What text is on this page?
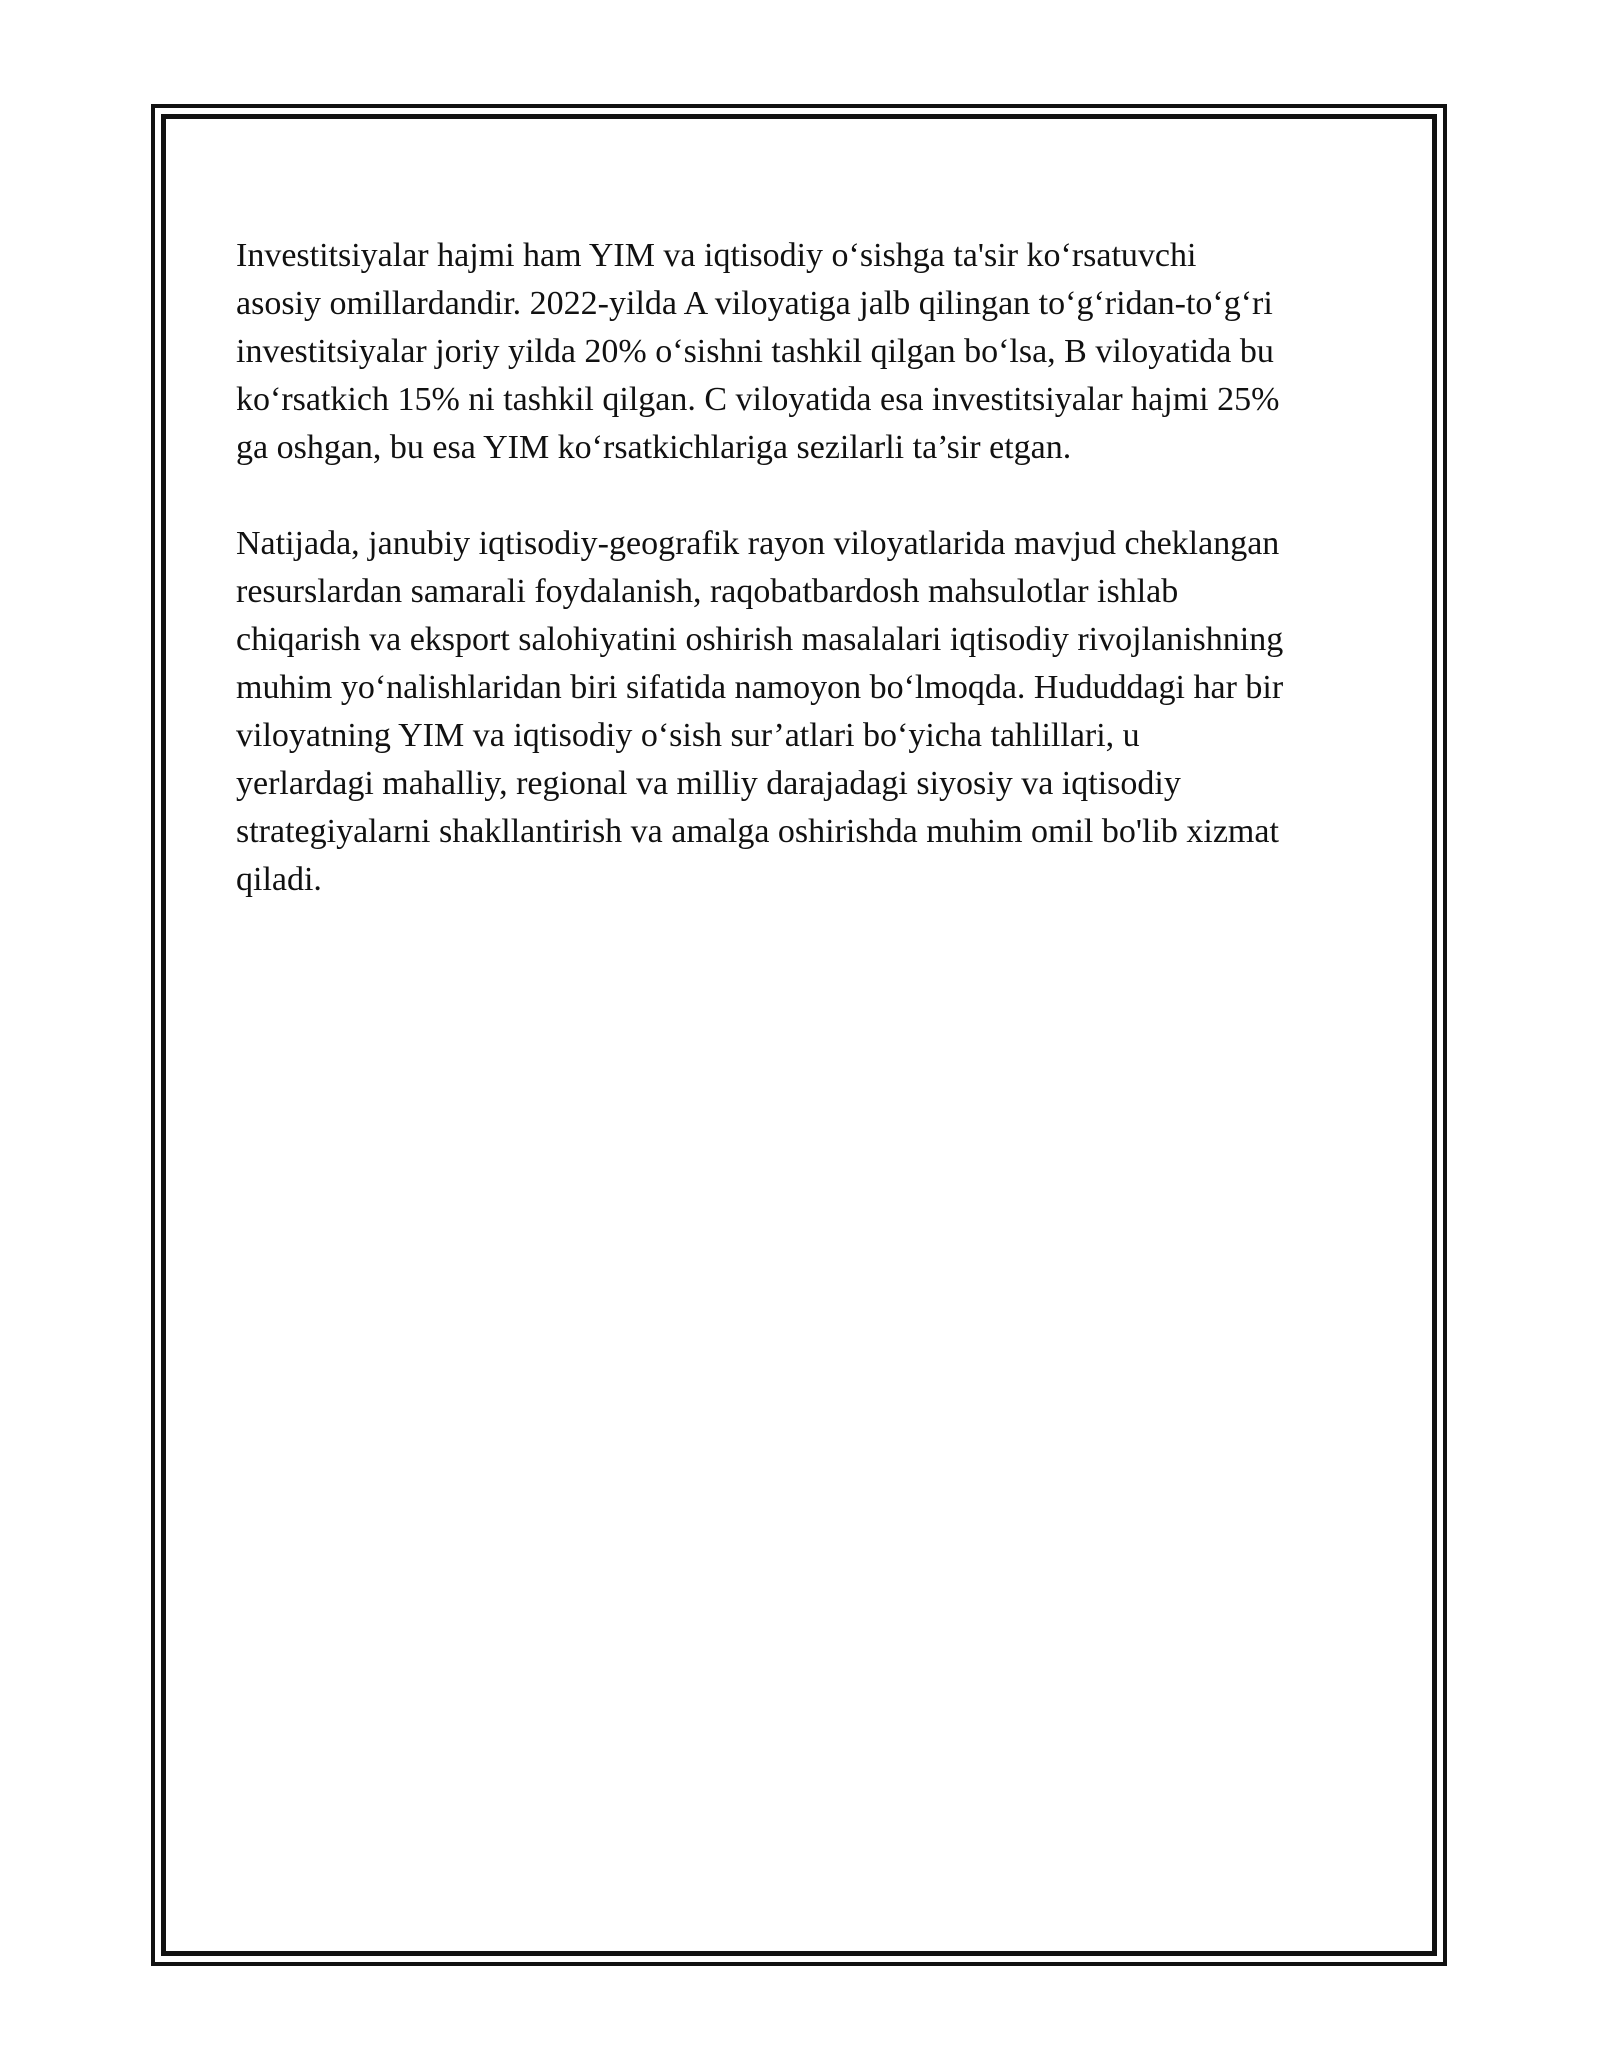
Investitsiyalar hajmi ham YIM va iqtisodiy o‘sishga ta'sir ko‘rsatuvchi
asosiy omillardandir. 2022-yilda A viloyatiga jalb qilingan to‘g‘ridan-to‘g‘ri
investitsiyalar joriy yilda 20% o‘sishni tashkil qilgan bo‘lsa, B viloyatida bu
ko‘rsatkich 15% ni tashkil qilgan. C viloyatida esa investitsiyalar hajmi 25%
ga oshgan, bu esa YIM ko‘rsatkichlariga sezilarli ta’sir etgan.

Natijada, janubiy iqtisodiy-geografik rayon viloyatlarida mavjud cheklangan
resurslardan samarali foydalanish, raqobatbardosh mahsulotlar ishlab
chiqarish va eksport salohiyatini oshirish masalalari iqtisodiy rivojlanishning
muhim yo‘nalishlaridan biri sifatida namoyon bo‘lmoqda. Hududdagi har bir
viloyatning YIM va iqtisodiy o‘sish sur’atlari bo‘yicha tahlillari, u
yerlardagi mahalliy, regional va milliy darajadagi siyosiy va iqtisodiy
strategiyalarni shakllantirish va amalga oshirishda muhim omil bo'lib xizmat
qiladi.
